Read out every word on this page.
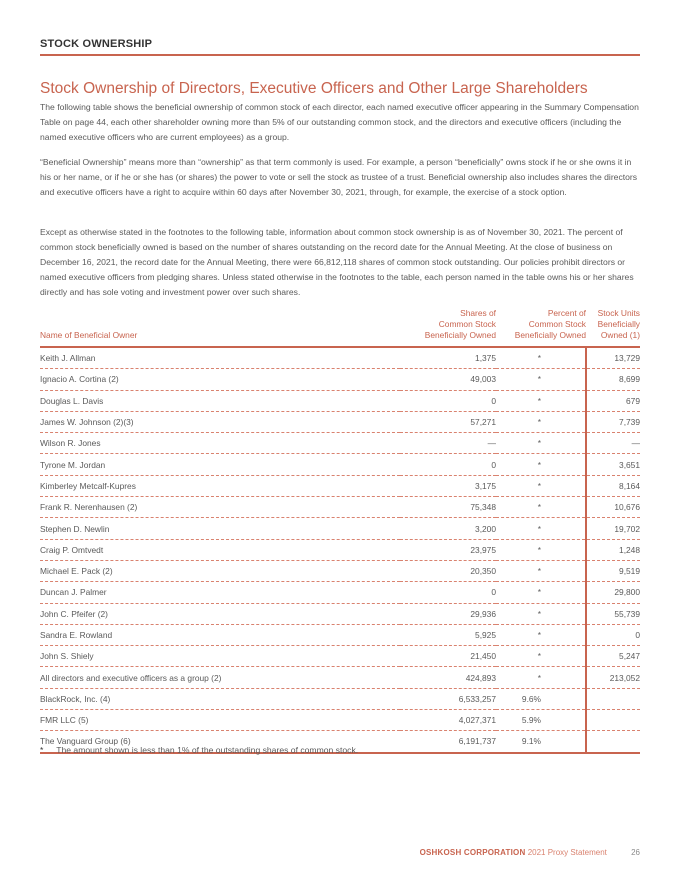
STOCK OWNERSHIP
Stock Ownership of Directors, Executive Officers and Other Large Shareholders
The following table shows the beneficial ownership of common stock of each director, each named executive officer appearing in the Summary Compensation Table on page 44, each other shareholder owning more than 5% of our outstanding common stock, and the directors and executive officers (including the named executive officers who are current employees) as a group.
“Beneficial Ownership” means more than “ownership” as that term commonly is used. For example, a person “beneficially” owns stock if he or she owns it in his or her name, or if he or she has (or shares) the power to vote or sell the stock as trustee of a trust. Beneficial ownership also includes shares the directors and executive officers have a right to acquire within 60 days after November 30, 2021, through, for example, the exercise of a stock option.
Except as otherwise stated in the footnotes to the following table, information about common stock ownership is as of November 30, 2021. The percent of common stock beneficially owned is based on the number of shares outstanding on the record date for the Annual Meeting. At the close of business on December 16, 2021, the record date for the Annual Meeting, there were 66,812,118 shares of common stock outstanding. Our policies prohibit directors or named executive officers from pledging shares. Unless stated otherwise in the footnotes to the table, each person named in the table owns his or her shares directly and has sole voting and investment power over such shares.
Name of Beneficial Owner	
Shares of
Common Stock
Beneficially Owned

Percent of
Common Stock
Beneficially Owned

Stock Units
Beneficially
Owned (1)

Keith J. Allman	1,375	*	13,729
Ignacio A. Cortina (2)	49,003	*	8,699
Douglas L. Davis	0	*	679
James W. Johnson (2)(3)	57,271	*	7,739
Wilson R. Jones	—	*	—
Tyrone M. Jordan	0	*	3,651
Kimberley Metcalf-Kupres	3,175	*	8,164
Frank R. Nerenhausen (2)	75,348	*	10,676
Stephen D. Newlin	3,200	*	19,702
Craig P. Omtvedt	23,975	*	1,248
Michael E. Pack (2)	20,350	*	9,519
Duncan J. Palmer	0	*	29,800
John C. Pfeifer (2)	29,936	*	55,739
Sandra E. Rowland	5,925	*	0
John S. Shiely	21,450	*	5,247
All directors and executive officers as a group (2)	424,893	*	213,052
BlackRock, Inc. (4)	6,533,257	9.6%	
FMR LLC (5)	4,027,371	5.9%	
The Vanguard Group (6)	6,191,737	9.1%	
* The amount shown is less than 1% of the outstanding shares of common stock.
OSHKOSH CORPORATION 2021 Proxy Statement	26
